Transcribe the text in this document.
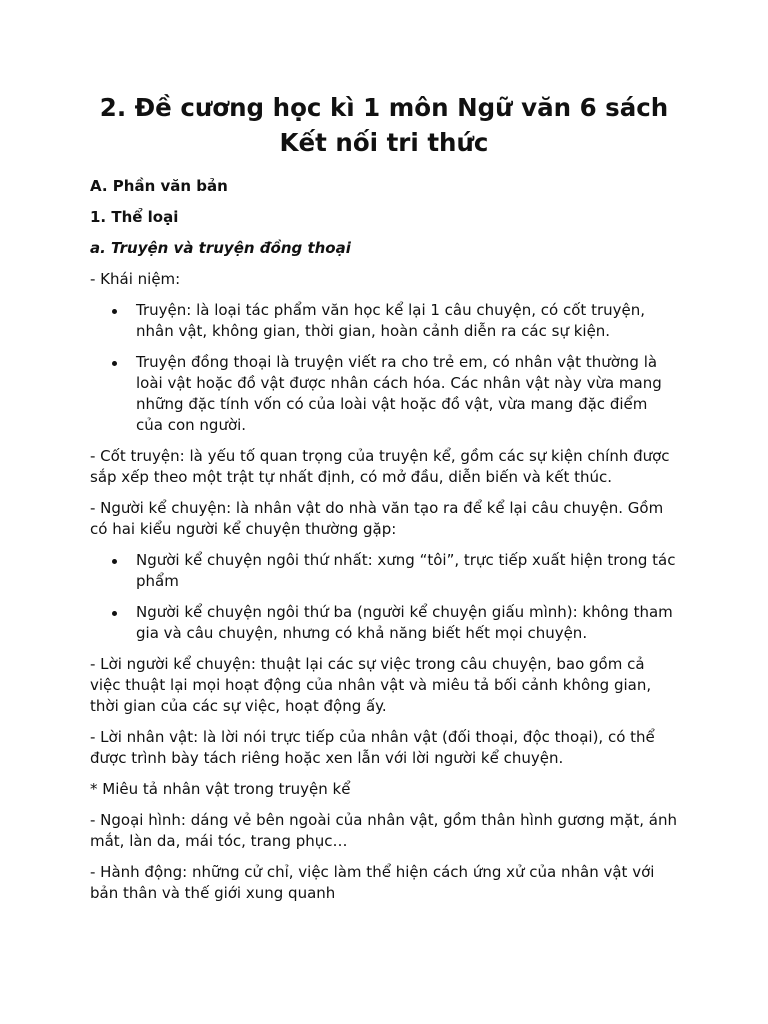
2. Đề cương học kì 1 môn Ngữ văn 6 sách
Kết nối tri thức
A. Phần văn bản
1. Thể loại
a. Truyện và truyện đồng thoại

- Khái niệm:

Truyện: là loại tác phẩm văn học kể lại 1 câu chuyện, có cốt truyện, nhân vật, không gian, thời gian, hoàn cảnh diễn ra các sự kiện.
Truyện đồng thoại là truyện viết ra cho trẻ em, có nhân vật thường là loài vật hoặc đồ vật được nhân cách hóa. Các nhân vật này vừa mang những đặc tính vốn có của loài vật hoặc đồ vật, vừa mang đặc điểm của con người.

- Cốt truyện: là yếu tố quan trọng của truyện kể, gồm các sự kiện chính được sắp xếp theo một trật tự nhất định, có mở đầu, diễn biến và kết thúc.

- Người kể chuyện: là nhân vật do nhà văn tạo ra để kể lại câu chuyện. Gồm có hai kiểu người kể chuyện thường gặp:

Người kể chuyện ngôi thứ nhất: xưng “tôi”, trực tiếp xuất hiện trong tác phẩm
Người kể chuyện ngôi thứ ba (người kể chuyện giấu mình): không tham gia và câu chuyện, nhưng có khả năng biết hết mọi chuyện.

- Lời người kể chuyện: thuật lại các sự việc trong câu chuyện, bao gồm cả việc thuật lại mọi hoạt động của nhân vật và miêu tả bối cảnh không gian, thời gian của các sự việc, hoạt động ấy.

- Lời nhân vật: là lời nói trực tiếp của nhân vật (đối thoại, độc thoại), có thể được trình bày tách riêng hoặc xen lẫn với lời người kể chuyện.

* Miêu tả nhân vật trong truyện kể

- Ngoại hình: dáng vẻ bên ngoài của nhân vật, gồm thân hình gương mặt, ánh mắt, làn da, mái tóc, trang phục…

- Hành động: những cử chỉ, việc làm thể hiện cách ứng xử của nhân vật với bản thân và thế giới xung quanh
